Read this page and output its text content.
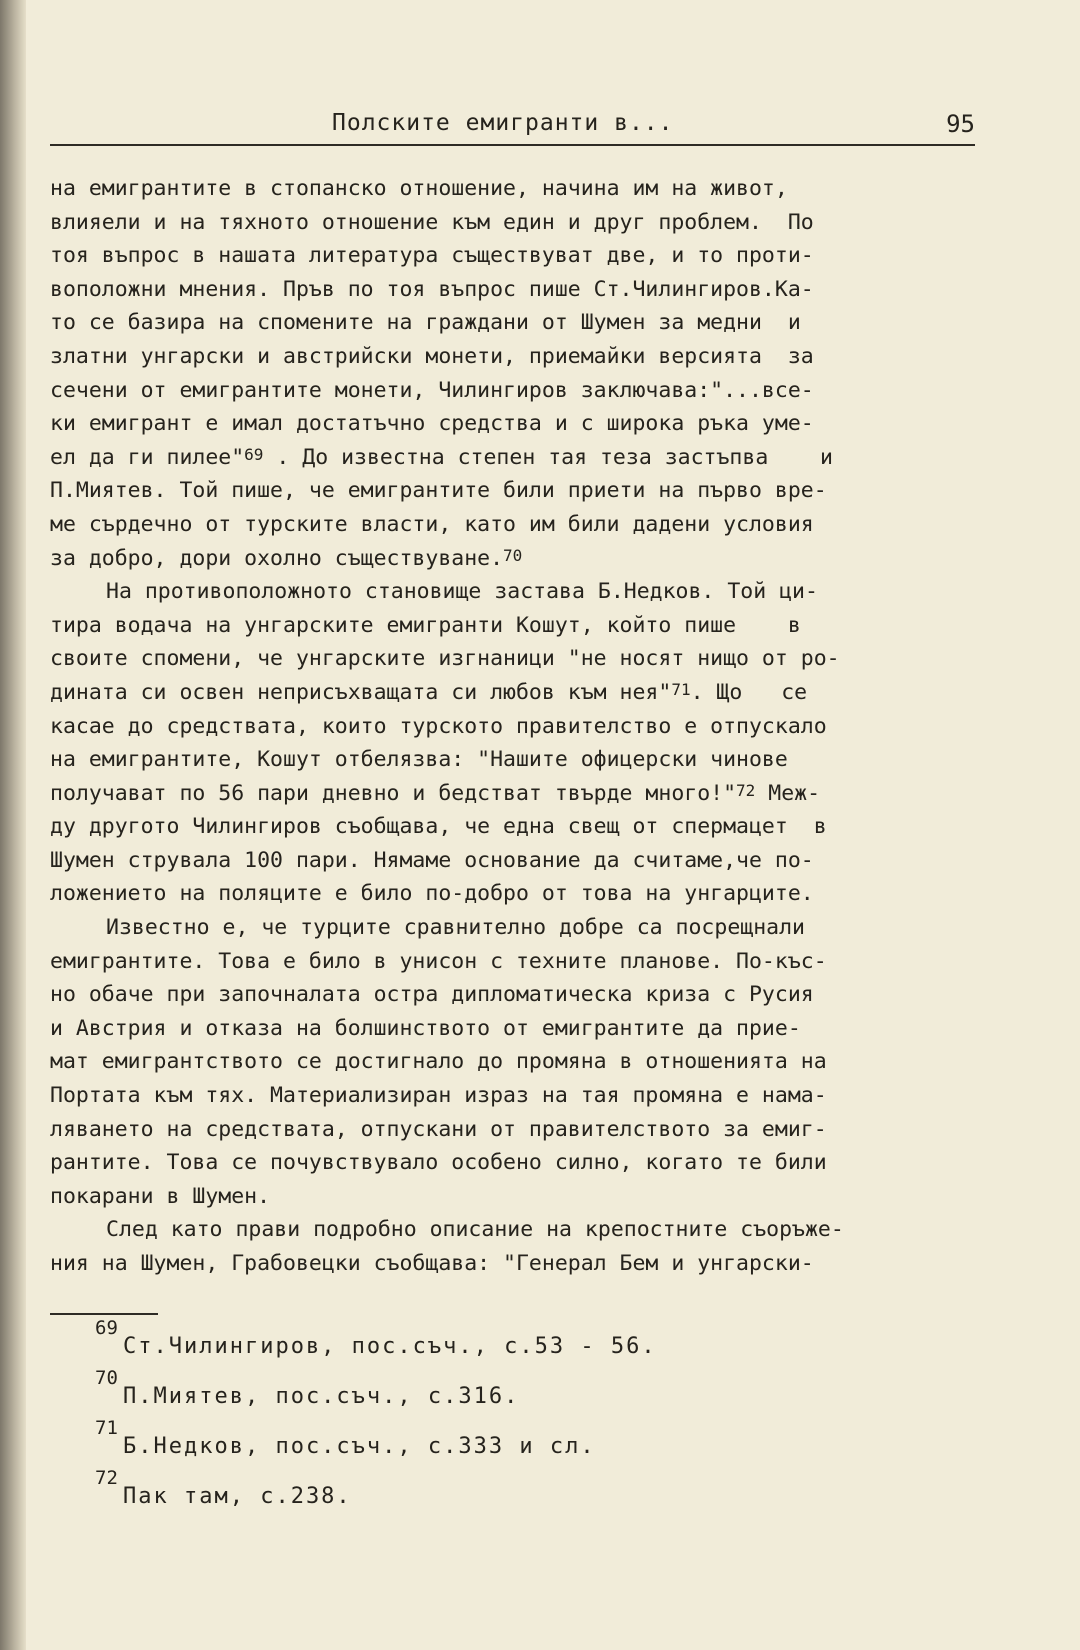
Полските емигранти в...	95
на емигрантите в стопанско отношение, начина им на живот,
влияели и на тяхното отношение към един и друг проблем.  По
тоя въпрос в нашата литература съществуват две, и то проти-
воположни мнения. Пръв по тоя въпрос пише Ст.Чилингиров.Ка-
то се базира на спомените на граждани от Шумен за медни  и
златни унгарски и австрийски монети, приемайки версията  за
сечени от емигрантите монети, Чилингиров заключава:"...все-
ки емигрант е имал достатъчно средства и с широка ръка уме-
ел да ги пилее"$^{69}$ . До известна степен тая теза застъпва    и
П.Миятев. Той пише, че емигрантите били приети на първо вре-
ме сърдечно от турските власти, като им били дадени условия
за добро, дори охолно съществуване.$^{70}$
На противоположното становище застава Б.Недков. Той ци-
тира водача на унгарските емигранти Кошут, който пише    в
своите спомени, че унгарските изгнаници "не носят нищо от ро-
дината си освен неприсъхващата си любов към нея"$^{71}$. Що   се
касае до средствата, които турското правителство е отпускало
на емигрантите, Кошут отбелязва: "Нашите офицерски чинове
получават по 56 пари дневно и бедстват твърде много!"$^{72}$ Меж-
ду другото Чилингиров съобщава, че една свещ от спермацет  в
Шумен струвала 100 пари. Нямаме основание да считаме,че по-
ложението на поляците е било по-добро от това на унгарците.
Известно е, че турците сравнително добре са посрещнали
емигрантите. Това е било в унисон с техните планове. По-къс-
но обаче при започналата остра дипломатическа криза с Русия
и Австрия и отказа на болшинството от емигрантите да прие-
мат емигрантството се достигнало до промяна в отношенията на
Портата към тях. Материализиран израз на тая промяна е нама-
ляването на средствата, отпускани от правителството за емиг-
рантите. Това се почувствувало особено силно, когато те били
покарани в Шумен.
След като прави подробно описание на крепостните съоръже-
ния на Шумен, Грабовецки съобщава: "Генерал Бем и унгарски-
69
Ст.Чилингиров, пос.съч., с.53 - 56.
70
П.Миятев, пос.съч., с.316.
71
Б.Недков, пос.съч., с.333 и сл.
72
Пак там, с.238.
